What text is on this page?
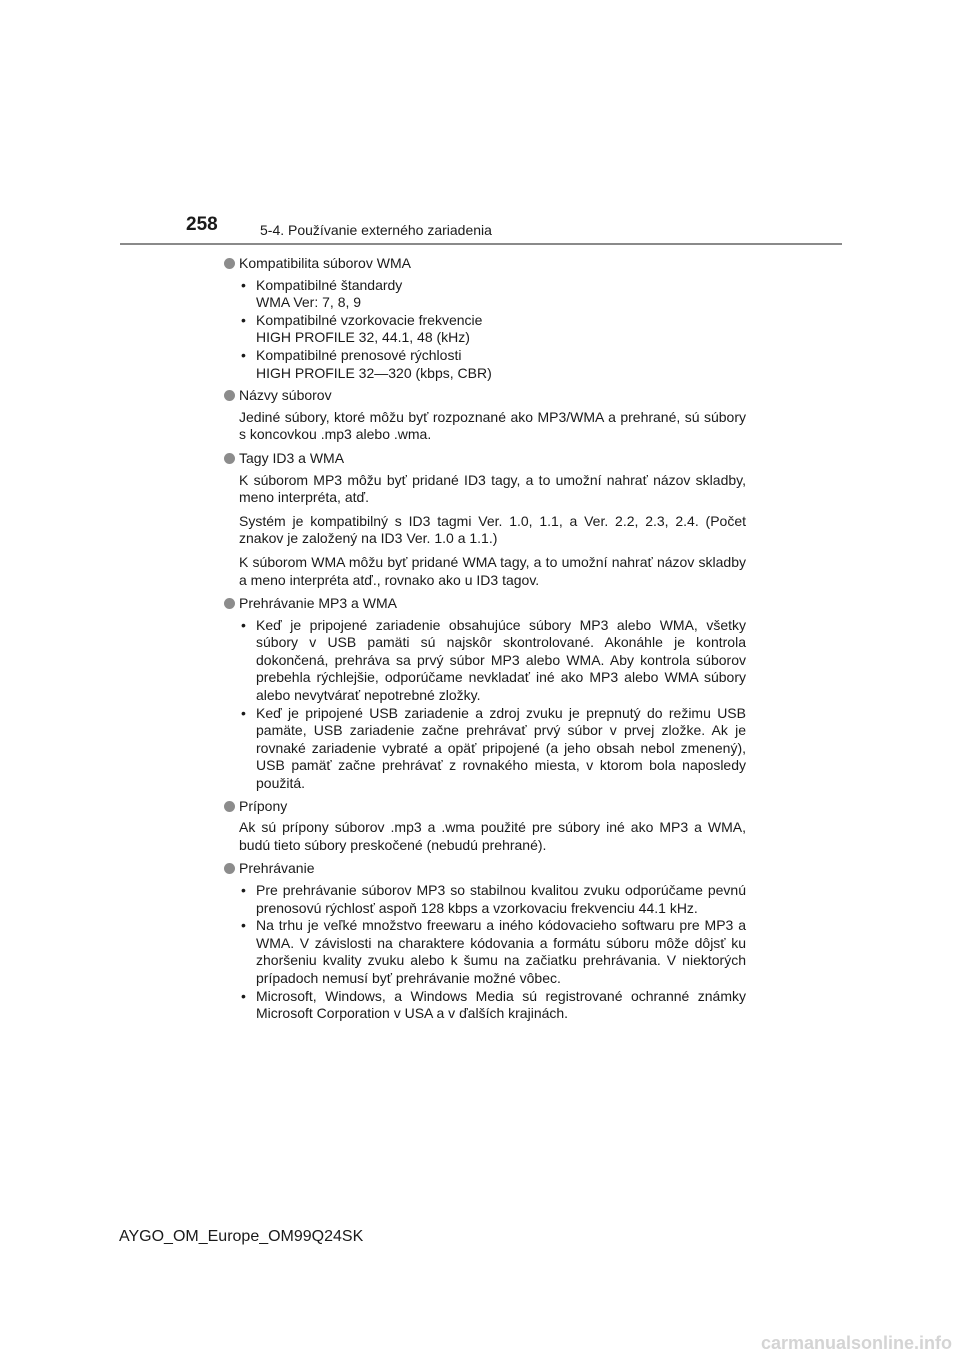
258	5-4. Používanie externého zariadenia
Kompatibilita súborov WMA
• Kompatibilné štandardy
WMA Ver: 7, 8, 9
• Kompatibilné vzorkovacie frekvencie
HIGH PROFILE 32, 44.1, 48 (kHz)
• Kompatibilné prenosové rýchlosti
HIGH PROFILE 32—320 (kbps, CBR)
Názvy súborov
Jediné súbory, ktoré môžu byť rozpoznané ako MP3/WMA a prehrané, sú súbory s koncovkou .mp3 alebo .wma.
Tagy ID3 a WMA
K súborom MP3 môžu byť pridané ID3 tagy, a to umožní nahrať názov skladby, meno interpréta, atď.
Systém je kompatibilný s ID3 tagmi Ver. 1.0, 1.1, a Ver. 2.2, 2.3, 2.4. (Počet znakov je založený na ID3 Ver. 1.0 a 1.1.)
K súborom WMA môžu byť pridané WMA tagy, a to umožní nahrať názov skladby a meno interpréta atď., rovnako ako u ID3 tagov.
Prehrávanie MP3 a WMA
• Keď je pripojené zariadenie obsahujúce súbory MP3 alebo WMA, všetky súbory v USB pamäti sú najskôr skontrolované. Akonáhle je kontrola dokončená, prehráva sa prvý súbor MP3 alebo WMA. Aby kontrola súborov prebehla rýchlejšie, odporúčame nevkladať iné ako MP3 alebo WMA súbory alebo nevytvárať nepotrebné zložky.
• Keď je pripojené USB zariadenie a zdroj zvuku je prepnutý do režimu USB pamäte, USB zariadenie začne prehrávať prvý súbor v prvej zložke. Ak je rovnaké zariadenie vybraté a opäť pripojené (a jeho obsah nebol zmenený), USB pamäť začne prehrávať z rovnakého miesta, v ktorom bola naposledy použitá.
Prípony
Ak sú prípony súborov .mp3 a .wma použité pre súbory iné ako MP3 a WMA, budú tieto súbory preskočené (nebudú prehrané).
Prehrávanie
• Pre prehrávanie súborov MP3 so stabilnou kvalitou zvuku odporúčame pevnú prenosovú rýchlosť aspoň 128 kbps a vzorkovaciu frekvenciu 44.1 kHz.
• Na trhu je veľké množstvo freewaru a iného kódovacieho softwaru pre MP3 a WMA. V závislosti na charaktere kódovania a formátu súboru môže dôjsť ku zhoršeniu kvality zvuku alebo k šumu na začiatku prehrávania. V niektorých prípadoch nemusí byť prehrávanie možné vôbec.
• Microsoft, Windows, a Windows Media sú registrované ochranné známky Microsoft Corporation v USA a v ďalších krajinách.
AYGO_OM_Europe_OM99Q24SK
carmanualsonline.info
